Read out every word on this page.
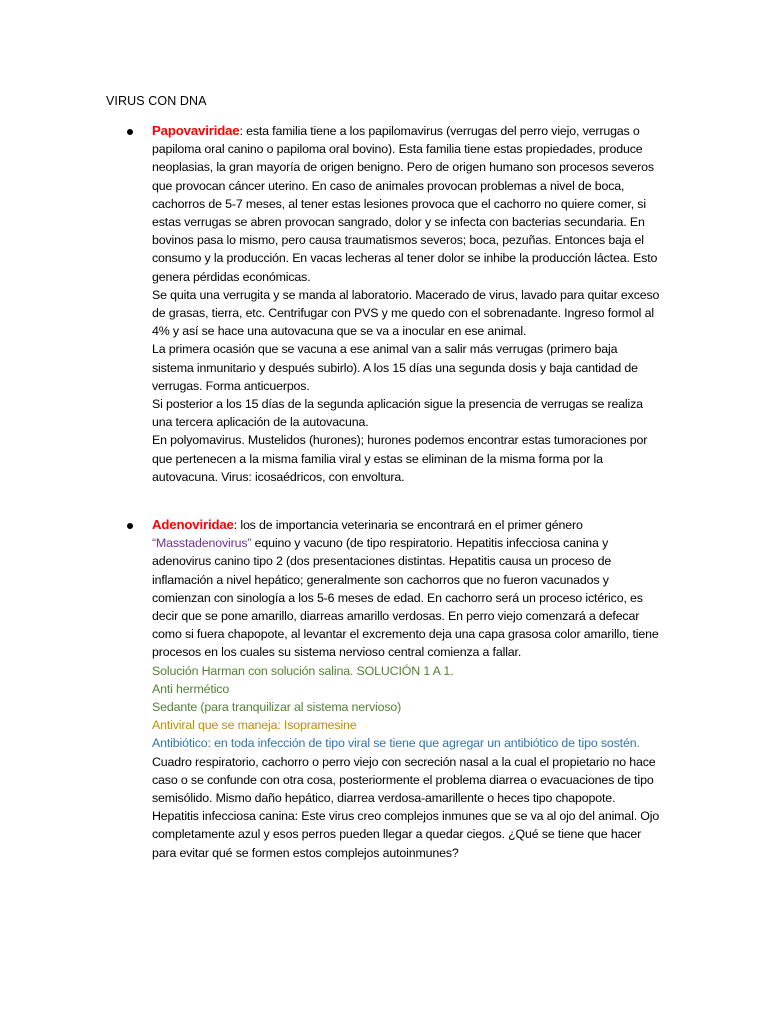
VIRUS CON DNA

Papovaviridae: esta familia tiene a los papilomavirus (verrugas del perro viejo, verrugas o papiloma oral canino o papiloma oral bovino). Esta familia tiene estas propiedades, produce neoplasias, la gran mayoría de origen benigno. Pero de origen humano son procesos severos que provocan cáncer uterino. En caso de animales provocan problemas a nivel de boca, cachorros de 5-7 meses, al tener estas lesiones provoca que el cachorro no quiere comer, si estas verrugas se abren provocan sangrado, dolor y se infecta con bacterias secundaria. En bovinos pasa lo mismo, pero causa traumatismos severos; boca, pezuñas. Entonces baja el consumo y la producción. En vacas lecheras al tener dolor se inhibe la producción láctea. Esto genera pérdidas económicas.

Se quita una verrugita y se manda al laboratorio. Macerado de virus, lavado para quitar exceso de grasas, tierra, etc. Centrifugar con PVS y me quedo con el sobrenadante. Ingreso formol al 4% y así se hace una autovacuna que se va a inocular en ese animal.

La primera ocasión que se vacuna a ese animal van a salir más verrugas (primero baja sistema inmunitario y después subirlo). A los 15 días una segunda dosis y baja cantidad de verrugas. Forma anticuerpos.

Si posterior a los 15 días de la segunda aplicación sigue la presencia de verrugas se realiza una tercera aplicación de la autovacuna.

En polyomavirus. Mustelidos (hurones); hurones podemos encontrar estas tumoraciones por que pertenecen a la misma familia viral y estas se eliminan de la misma forma por la autovacuna. Virus: icosaédricos, con envoltura.

Adenoviridae: los de importancia veterinaria se encontrará en el primer género “Masstadenovirus” equino y vacuno (de tipo respiratorio. Hepatitis infecciosa canina y adenovirus canino tipo 2 (dos presentaciones distintas. Hepatitis causa un proceso de inflamación a nivel hepático; generalmente son cachorros que no fueron vacunados y comienzan con sinología a los 5-6 meses de edad. En cachorro será un proceso ictérico, es decir que se pone amarillo, diarreas amarillo verdosas. En perro viejo comenzará a defecar como si fuera chapopote, al levantar el excremento deja una capa grasosa color amarillo, tiene procesos en los cuales su sistema nervioso central comienza a fallar.

Solución Harman con solución salina. SOLUCIÓN 1 A 1.

Anti hermético

Sedante (para tranquilizar al sistema nervioso)

Antiviral que se maneja: Isopramesine

Antibiótico: en toda infección de tipo viral se tiene que agregar un antibiótico de tipo sostén.

Cuadro respiratorio, cachorro o perro viejo con secreción nasal a la cual el propietario no hace caso o se confunde con otra cosa, posteriormente el problema diarrea o evacuaciones de tipo semisólido. Mismo daño hepático, diarrea verdosa-amarillente o heces tipo chapopote.

Hepatitis infecciosa canina: Este virus creo complejos inmunes que se va al ojo del animal. Ojo completamente azul y esos perros pueden llegar a quedar ciegos. ¿Qué se tiene que hacer para evitar qué se formen estos complejos autoinmunes?
